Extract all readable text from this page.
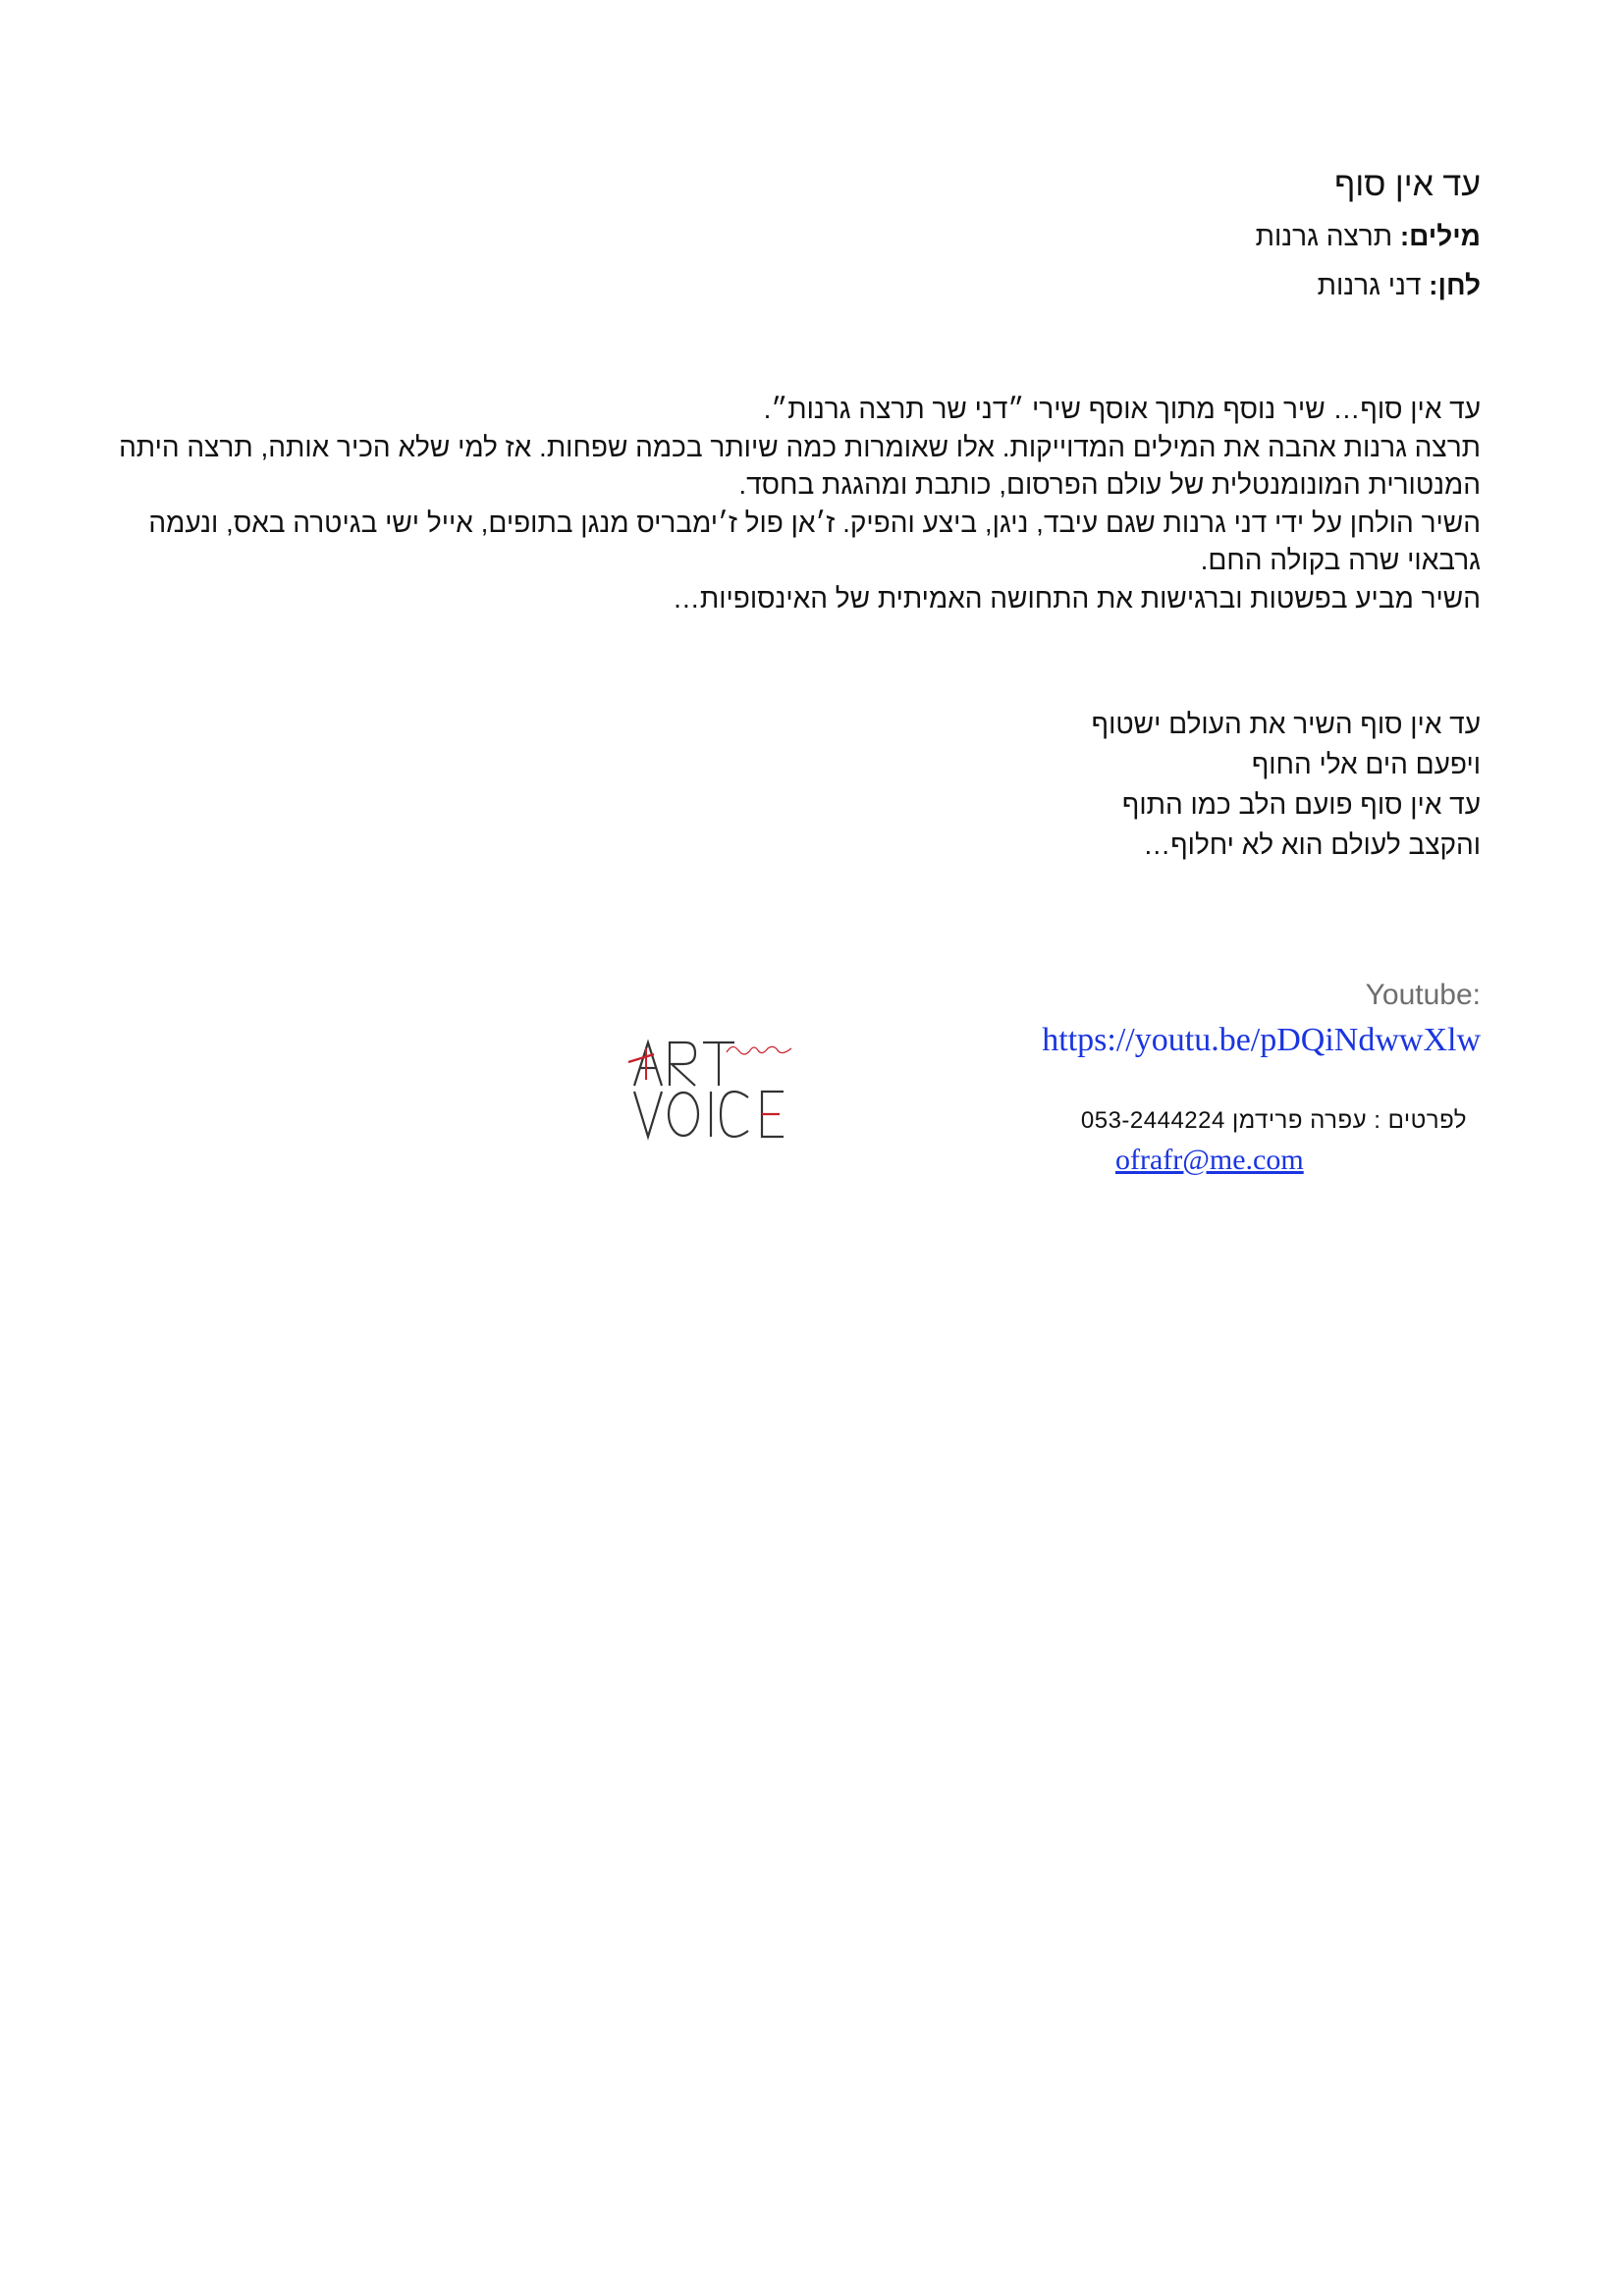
עד אין סוף
מילים: תרצה גרנות
לחן: דני גרנות

עד אין סוף… שיר נוסף מתוך אוסף שירי ״דני שר תרצה גרנות״.

תרצה גרנות אהבה את המילים המדוייקות. אלו שאומרות כמה שיותר בכמה שפחות. אז למי שלא הכיר אותה, תרצה היתה המנטורית המונומנטלית של עולם הפרסום, כותבת ומהגגת בחסד.

השיר הולחן על ידי דני גרנות שגם עיבד, ניגן, ביצע והפיק. ז׳אן פול ז׳ימבריס מנגן בתופים, אייל ישי בגיטרה באס, ונעמה גרבאוי שרה בקולה החם.

השיר מביע בפשטות וברגישות את התחושה האמיתית של האינסופיות…

עד אין סוף השיר את העולם ישטוף

ויפעם הים אלי החוף

עד אין סוף פועם הלב כמו התוף

והקצב לעולם הוא לא יחלוף…

:Youtube
https://youtu.be/pDQiNdwwXlw
לפרטים : עפרה פרידמן 053-2444224
ofrafr@me.com
